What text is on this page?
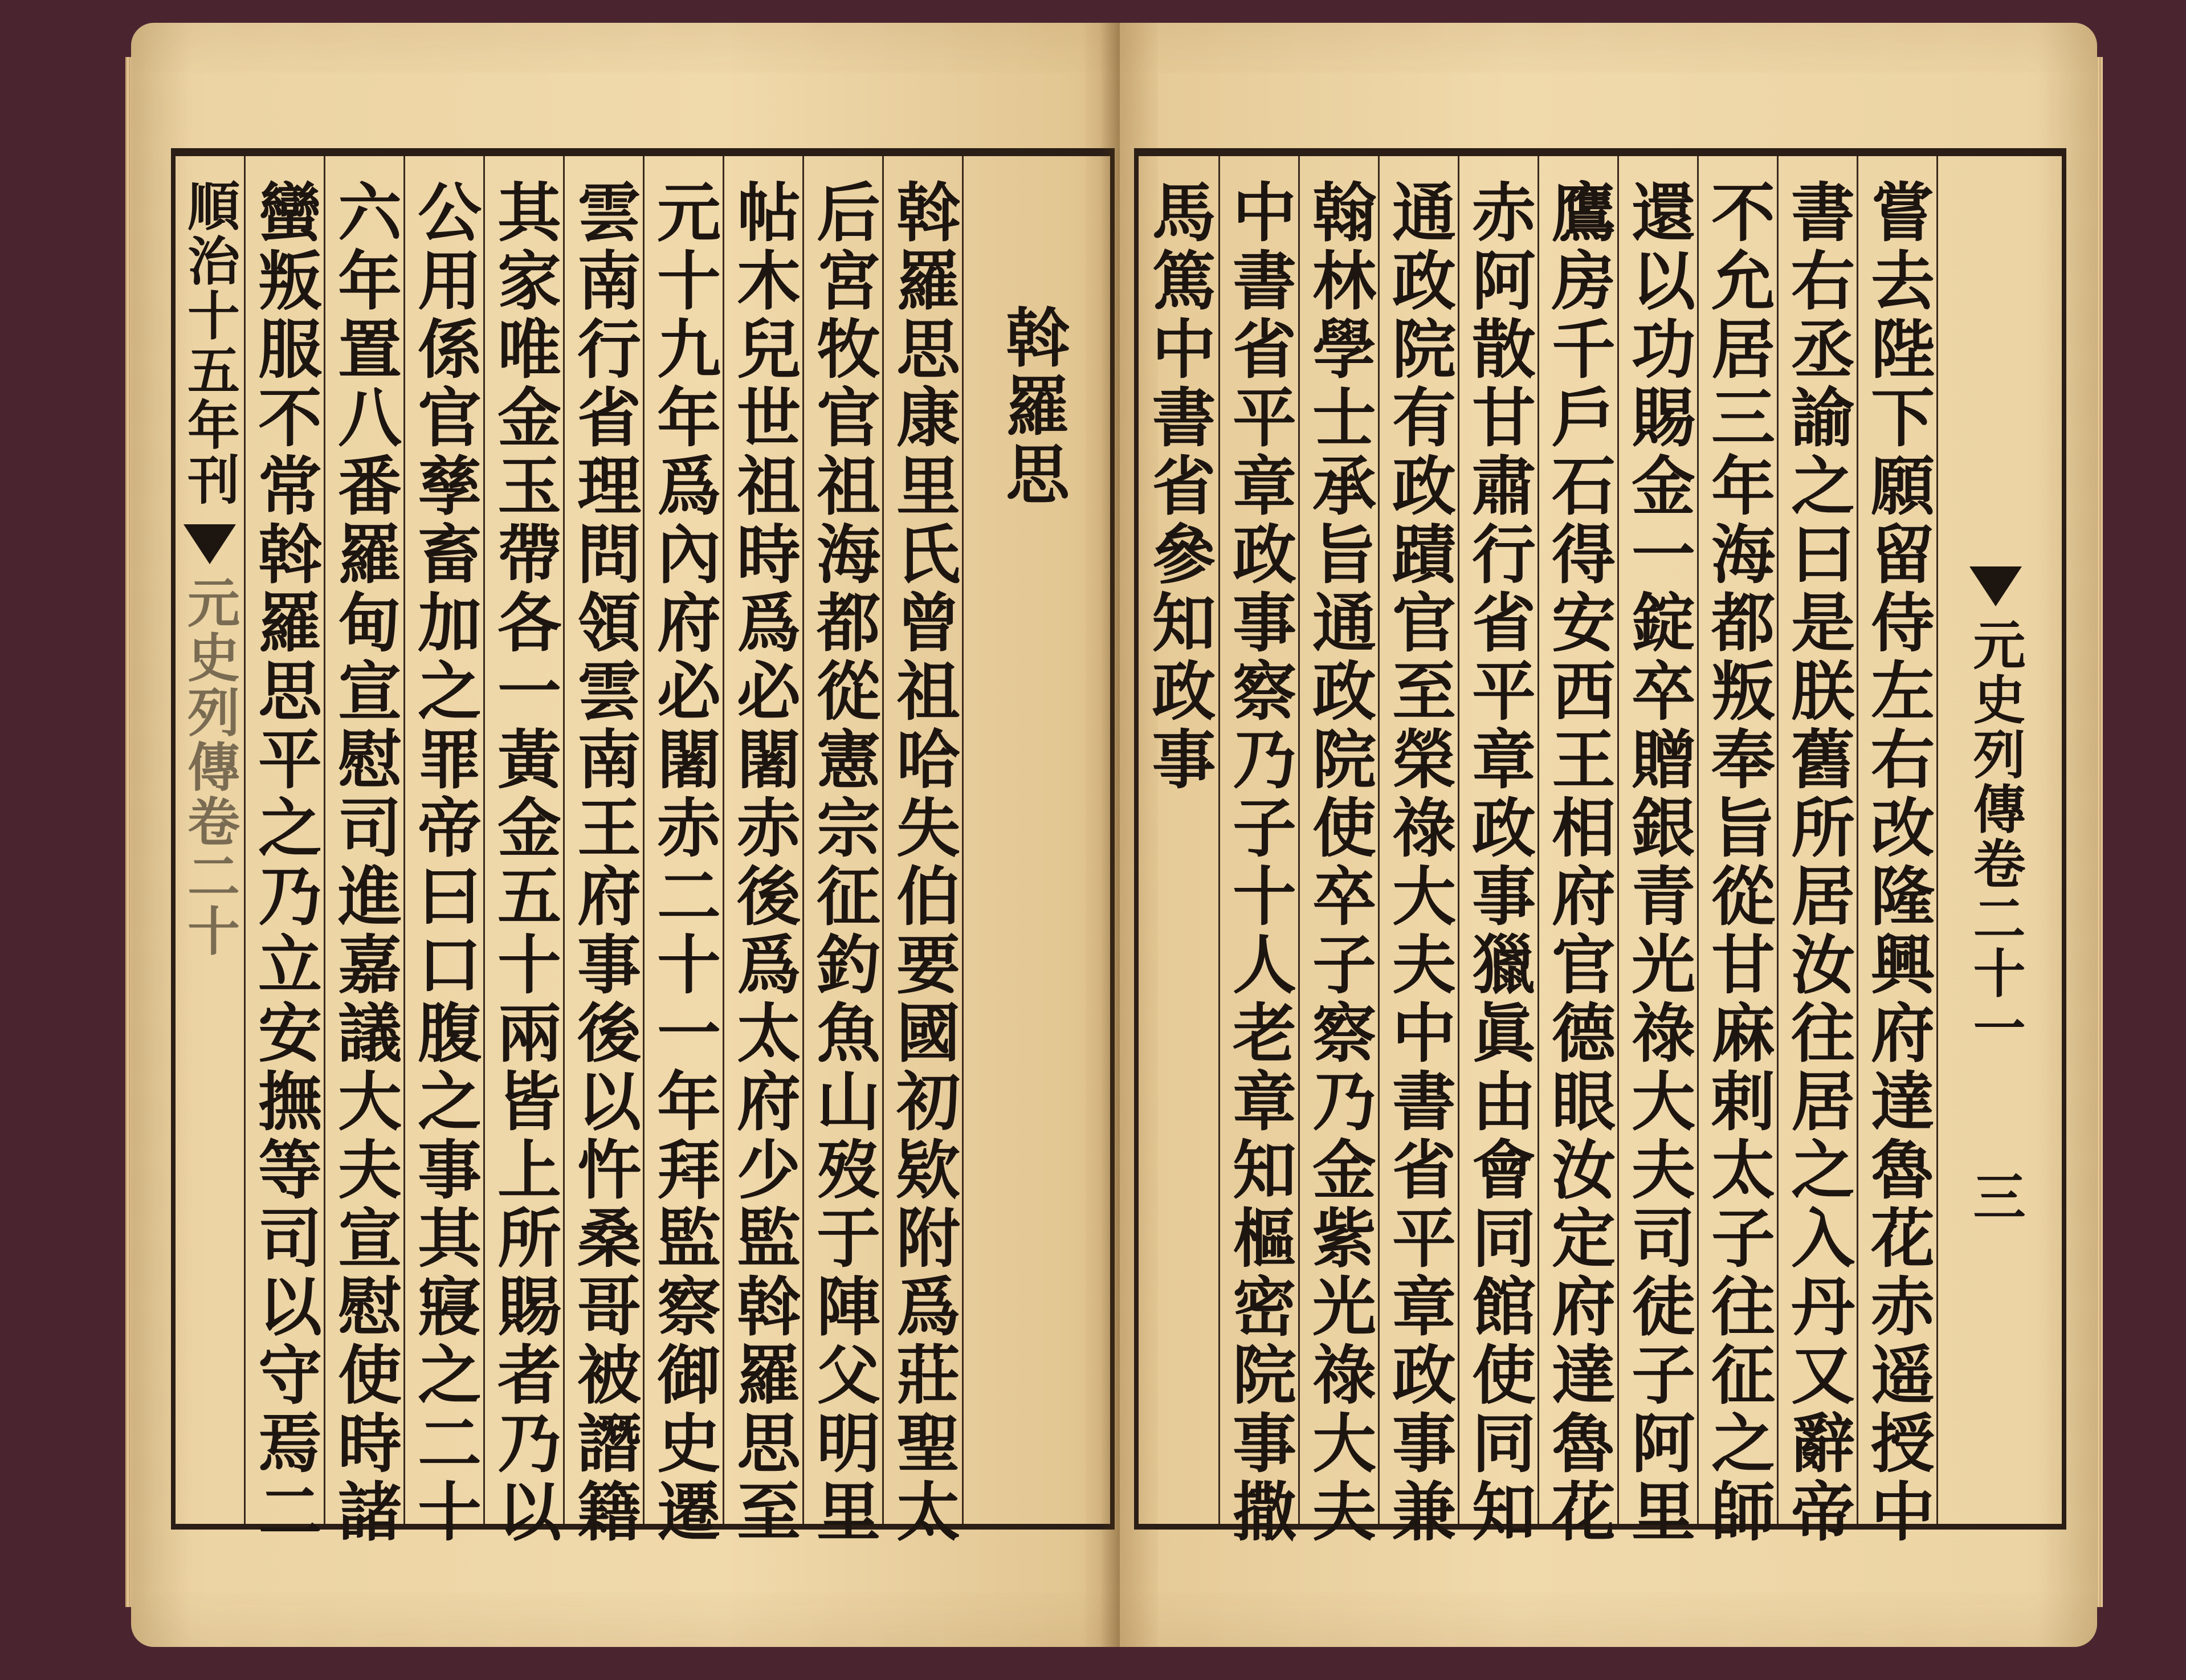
順治十五年刊
元史列傳卷二十 蠻叛服不常斡羅思平之乃立安撫等司以守焉二 六年置八番羅甸宣慰司進嘉議大夫宣慰使時諸 公用係官孳畜加之罪帝曰口腹之事其寢之二十 其家唯金玉帶各一黃金五十兩皆上所賜者乃以 雲南行省理問領雲南王府事後以忤桑哥被譖籍 元十九年爲內府必闍赤二十一年拜監察御史遷 帖木兒世祖時爲必闍赤後爲太府少監斡羅思至 后宮牧官祖海都從憲宗征釣魚山歿于陣父明里 斡羅思康里氏曾祖哈失伯要國初欵附爲莊聖太 斡羅思 馬篤中書省參知政事 中書省平章政事察乃子十人老章知樞密院事撒 翰林學士承旨通政院使卒子察乃金紫光祿大夫 通政院有政蹟官至榮祿大夫中書省平章政事兼 赤阿散甘肅行省平章政事獵眞由會同館使同知 鷹房千戶石得安西王相府官德眼汝定府達魯花 還以功賜金一錠卒贈銀青光祿大夫司徒子阿里 不允居三年海都叛奉旨從甘麻剌太子往征之師 書右丞諭之曰是朕舊所居汝往居之入丹又辭帝 嘗去陛下願留侍左右改隆興府達魯花赤遥授中 元史列傳卷二十一
三
